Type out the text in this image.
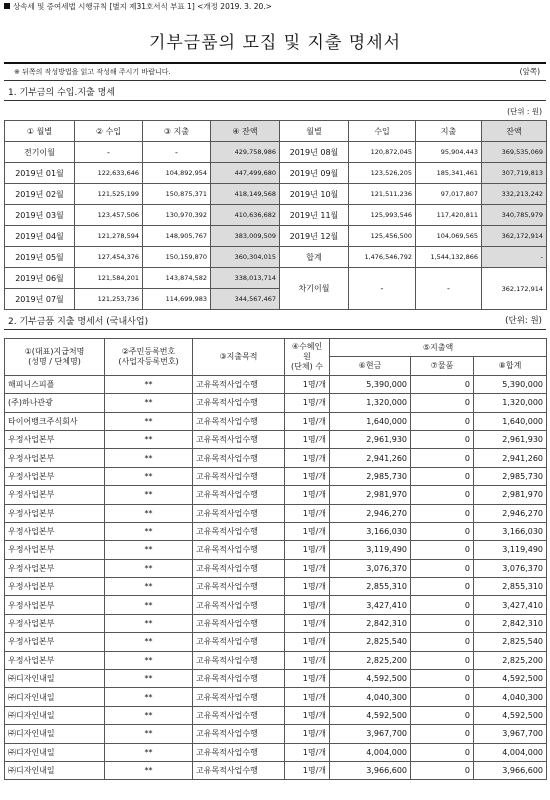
상속세 및 증여세법 시행규칙 [별지 제31호서식 부표 1] <개정 2019. 3. 20.>
기부금품의 모집 및 지출 명세서
※ 뒤쪽의 작성방법을 읽고 작성해 주시기 바랍니다.	(앞쪽)
1. 기부금의 수입.지출 명세
(단위 : 원)
① 월별	② 수입	③ 지출	④ 잔액	월별	수입	지출	잔액
전기이월	-	-	429,758,986	2019년 08월	120,872,045	95,904,443	369,535,069
2019년 01월	122,633,646	104,892,954	447,499,680	2019년 09월	123,526,205	185,341,461	307,719,813
2019년 02월	121,525,199	150,875,371	418,149,568	2019년 10월	121,511,236	97,017,807	332,213,242
2019년 03월	123,457,506	130,970,392	410,636,682	2019년 11월	125,993,546	117,420,811	340,785,979
2019년 04월	121,278,594	148,905,767	383,009,509	2019년 12월	125,456,500	104,069,565	362,172,914
2019년 05월	127,454,376	150,159,870	360,304,015	합계	1,476,546,792	1,544,132,866	-
2019년 06월	121,584,201	143,874,582	338,013,714	차기이월	-	-	362,172,914
2019년 07월	121,253,736	114,699,983	344,567,467				
2. 기부금품 지출 명세서 (국내사업)	(단위: 원)
①(대표)지급처명
(성명 / 단체명)	②주민등록번호
(사업자등록번호)	③지출목적	④수혜인원
(단체) 수	⑤지출액		
				⑥현금	⑦물품	⑧합계
해피니스피플	**	고유목적사업수행	1명/개	5,390,000	0	5,390,000
(주)하나관광	**	고유목적사업수행	1명/개	1,320,000	0	1,320,000
타이어뱅크주식회사	**	고유목적사업수행	1명/개	1,640,000	0	1,640,000
우정사업본부	**	고유목적사업수행	1명/개	2,961,930	0	2,961,930
우정사업본부	**	고유목적사업수행	1명/개	2,941,260	0	2,941,260
우정사업본부	**	고유목적사업수행	1명/개	2,985,730	0	2,985,730
우정사업본부	**	고유목적사업수행	1명/개	2,981,970	0	2,981,970
우정사업본부	**	고유목적사업수행	1명/개	2,946,270	0	2,946,270
우정사업본부	**	고유목적사업수행	1명/개	3,166,030	0	3,166,030
우정사업본부	**	고유목적사업수행	1명/개	3,119,490	0	3,119,490
우정사업본부	**	고유목적사업수행	1명/개	3,076,370	0	3,076,370
우정사업본부	**	고유목적사업수행	1명/개	2,855,310	0	2,855,310
우정사업본부	**	고유목적사업수행	1명/개	3,427,410	0	3,427,410
우정사업본부	**	고유목적사업수행	1명/개	2,842,310	0	2,842,310
우정사업본부	**	고유목적사업수행	1명/개	2,825,540	0	2,825,540
우정사업본부	**	고유목적사업수행	1명/개	2,825,200	0	2,825,200
㈜디자인내일	**	고유목적사업수행	1명/개	4,592,500	0	4,592,500
㈜디자인내일	**	고유목적사업수행	1명/개	4,040,300	0	4,040,300
㈜디자인내일	**	고유목적사업수행	1명/개	4,592,500	0	4,592,500
㈜디자인내일	**	고유목적사업수행	1명/개	3,967,700	0	3,967,700
㈜디자인내일	**	고유목적사업수행	1명/개	4,004,000	0	4,004,000
㈜디자인내일	**	고유목적사업수행	1명/개	3,966,600	0	3,966,600
